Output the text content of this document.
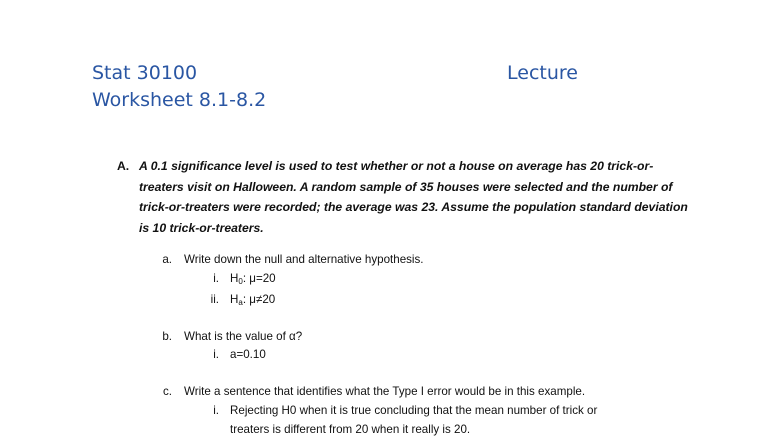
Stat 30100
Worksheet 8.1-8.2
Lecture
A. A 0.1 significance level is used to test whether or not a house on average has 20 trick-or-treaters visit on Halloween. A random sample of 35 houses were selected and the number of trick-or-treaters were recorded; the average was 23. Assume the population standard deviation is 10 trick-or-treaters.
a. Write down the null and alternative hypothesis.
i. $H_0$: μ=20
ii. $H_a$: μ≠20
b. What is the value of α?
i. a=0.10
c. Write a sentence that identifies what the Type I error would be in this example.
i. Rejecting H0 when it is true concluding that the mean number of trick or
treaters is different from 20 when it really is 20.
